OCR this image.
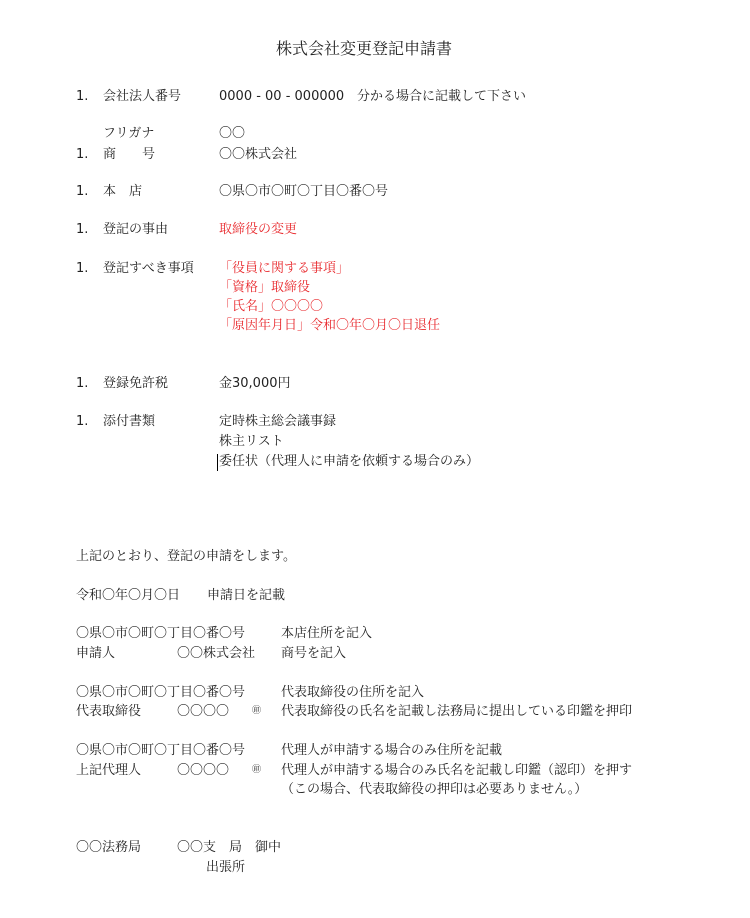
株式会社変更登記申請書
1. 会社法人番号	0000 - 00 - 000000 分かる場合に記載して下さい
フリガナ	〇〇
1. 商　　号	〇〇株式会社
1. 本　店	〇県〇市〇町〇丁目〇番〇号
1. 登記の事由	取締役の変更
1. 登記すべき事項 「役員に関する事項」
「資格」取締役
「氏名」〇〇〇〇
「原因年月日」令和〇年〇月〇日退任
1. 登録免許税	金30,000円
1. 添付書類	定時株主総会議事録
株主リスト
委任状（代理人に申請を依頼する場合のみ）
上記のとおり、登記の申請をします。
令和〇年〇月〇日 申請日を記載
〇県〇市〇町〇丁目〇番〇号	本店住所を記入
申請人	〇〇株式会社 商号を記入
〇県〇市〇町〇丁目〇番〇号	代表取締役の住所を記入
代表取締役	〇〇〇〇	㊞ 代表取締役の氏名を記載し法務局に提出している印鑑を押印
〇県〇市〇町〇丁目〇番〇号	代理人が申請する場合のみ住所を記載
上記代理人	〇〇〇〇	㊞ 代理人が申請する場合のみ氏名を記載し印鑑（認印）を押す
（この場合、代表取締役の押印は必要ありません。）
〇〇法務局	〇〇支　局　御中
出張所
